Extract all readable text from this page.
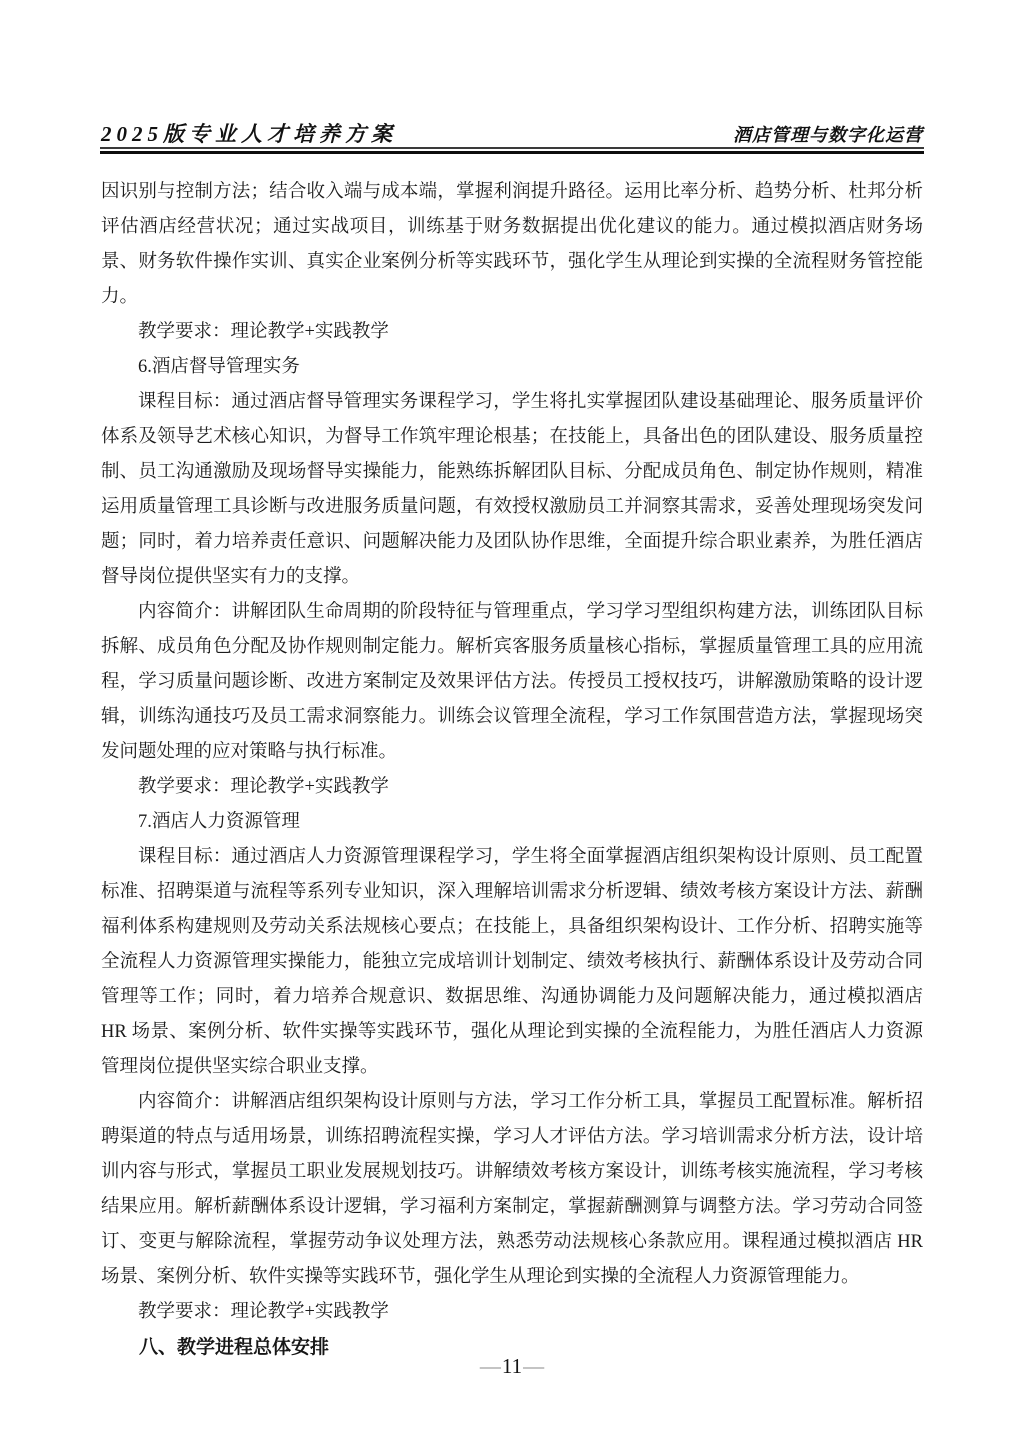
2025版专业人才培养方案	酒店管理与数字化运营

因识别与控制方法；结合收入端与成本端，掌握利润提升路径。运用比率分析、趋势分析、杜邦分析评估酒店经营状况；通过实战项目，训练基于财务数据提出优化建议的能力。通过模拟酒店财务场景、财务软件操作实训、真实企业案例分析等实践环节，强化学生从理论到实操的全流程财务管控能力。

教学要求：理论教学+实践教学

6.酒店督导管理实务

课程目标：通过酒店督导管理实务课程学习，学生将扎实掌握团队建设基础理论、服务质量评价体系及领导艺术核心知识，为督导工作筑牢理论根基；在技能上，具备出色的团队建设、服务质量控制、员工沟通激励及现场督导实操能力，能熟练拆解团队目标、分配成员角色、制定协作规则，精准运用质量管理工具诊断与改进服务质量问题，有效授权激励员工并洞察其需求，妥善处理现场突发问题；同时，着力培养责任意识、问题解决能力及团队协作思维，全面提升综合职业素养，为胜任酒店督导岗位提供坚实有力的支撑。

内容简介：讲解团队生命周期的阶段特征与管理重点，学习学习型组织构建方法，训练团队目标拆解、成员角色分配及协作规则制定能力。解析宾客服务质量核心指标，掌握质量管理工具的应用流程，学习质量问题诊断、改进方案制定及效果评估方法。传授员工授权技巧，讲解激励策略的设计逻辑，训练沟通技巧及员工需求洞察能力。训练会议管理全流程，学习工作氛围营造方法，掌握现场突发问题处理的应对策略与执行标准。

教学要求：理论教学+实践教学

7.酒店人力资源管理

课程目标：通过酒店人力资源管理课程学习，学生将全面掌握酒店组织架构设计原则、员工配置标准、招聘渠道与流程等系列专业知识，深入理解培训需求分析逻辑、绩效考核方案设计方法、薪酬福利体系构建规则及劳动关系法规核心要点；在技能上，具备组织架构设计、工作分析、招聘实施等全流程人力资源管理实操能力，能独立完成培训计划制定、绩效考核执行、薪酬体系设计及劳动合同管理等工作；同时，着力培养合规意识、数据思维、沟通协调能力及问题解决能力，通过模拟酒店 HR 场景、案例分析、软件实操等实践环节，强化从理论到实操的全流程能力，为胜任酒店人力资源管理岗位提供坚实综合职业支撑。

内容简介：讲解酒店组织架构设计原则与方法，学习工作分析工具，掌握员工配置标准。解析招聘渠道的特点与适用场景，训练招聘流程实操，学习人才评估方法。学习培训需求分析方法，设计培训内容与形式，掌握员工职业发展规划技巧。讲解绩效考核方案设计，训练考核实施流程，学习考核结果应用。解析薪酬体系设计逻辑，学习福利方案制定，掌握薪酬测算与调整方法。学习劳动合同签订、变更与解除流程，掌握劳动争议处理方法，熟悉劳动法规核心条款应用。课程通过模拟酒店 HR 场景、案例分析、软件实操等实践环节，强化学生从理论到实操的全流程人力资源管理能力。

教学要求：理论教学+实践教学

八、教学进程总体安排

—11—
